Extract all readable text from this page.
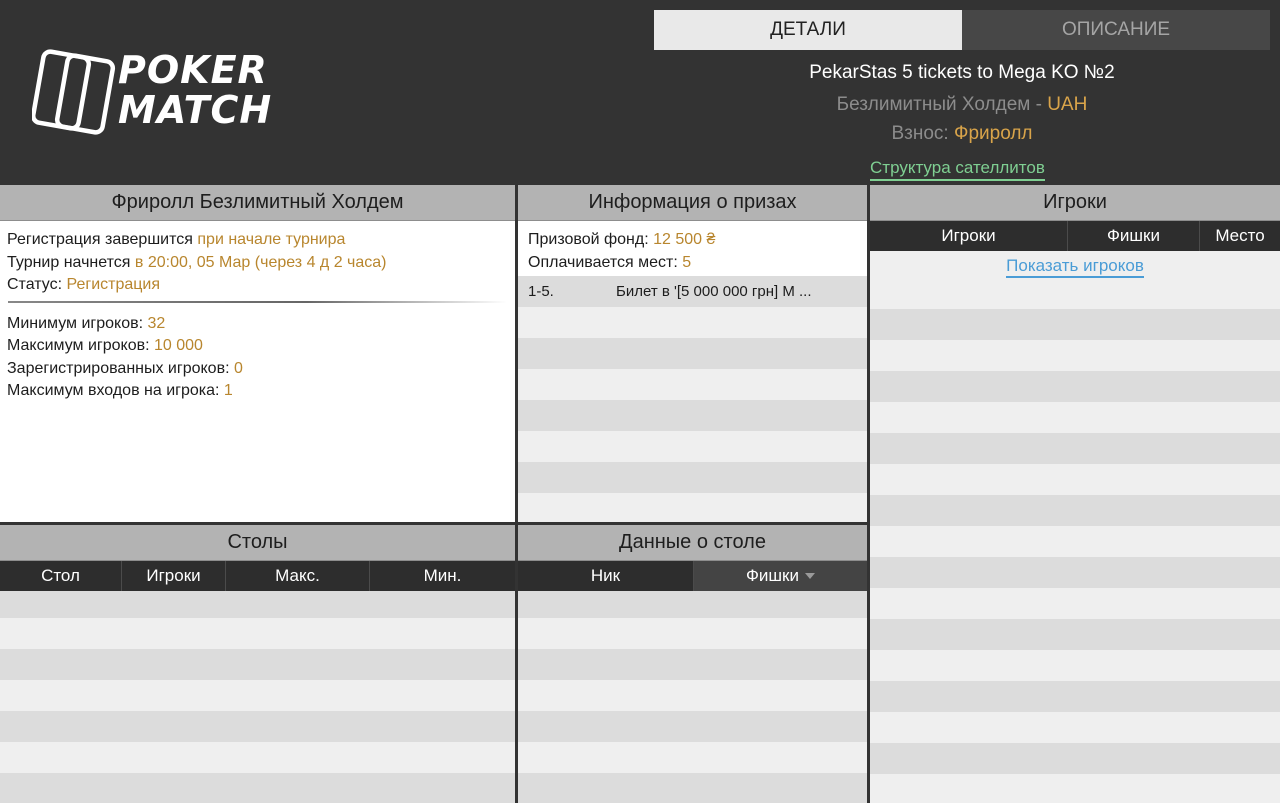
POKER
MATCH
ДЕТАЛИ	ОПИСАНИЕ
PekarStas 5 tickets to Mega KO №2
Безлимитный Холдем - UAH
Взнос: Фриролл
Структура сателлитов
Фриролл Безлимитный Холдем
Регистрация завершится при начале турнира
Турнир начнется в 20:00, 05 Мар (через 4 д 2 часа)
Статус: Регистрация
Минимум игроков: 32
Максимум игроков: 10 000
Зарегистрированных игроков: 0
Максимум входов на игрока: 1
Информация о призах
Призовой фонд: 12 500 ₴
Оплачивается мест: 5
1-5.	Билет в '[5 000 000 грн] M ...
Игроки
Игроки	Фишки	Место
Показать игроков
Столы
Стол	Игроки	Макс.	Мин.
Данные о столе
Ник	Фишки
